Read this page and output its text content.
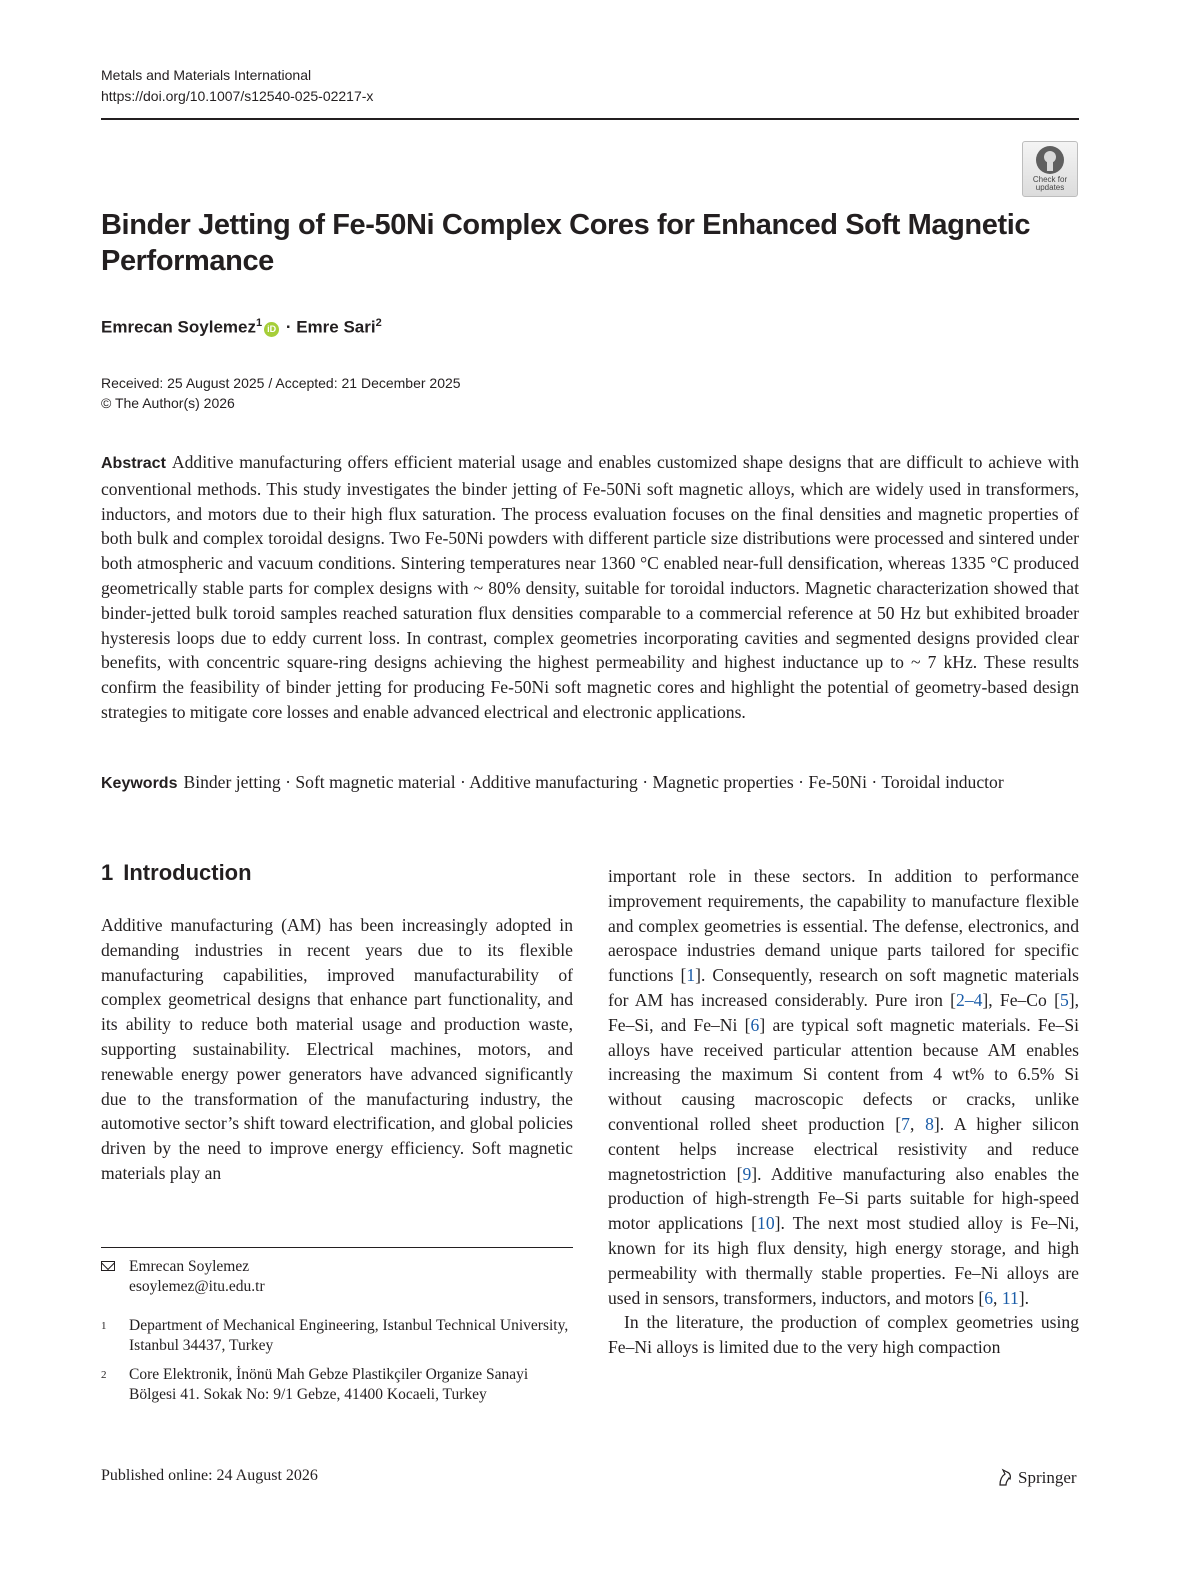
Metals and Materials International
https://doi.org/10.1007/s12540-025-02217-x
Check for
updates
Binder Jetting of Fe-50Ni Complex Cores for Enhanced Soft Magnetic Performance
Emrecan Soylemez$^1$ iD · Emre Sari$^2$
Received: 25 August 2025 / Accepted: 21 December 2025
© The Author(s) 2026

Abstract Additive manufacturing offers efficient material usage and enables customized shape designs that are difficult to achieve with conventional methods. This study investigates the binder jetting of Fe-50Ni soft magnetic alloys, which are widely used in transformers, inductors, and motors due to their high flux saturation. The process evaluation focuses on the final densities and magnetic properties of both bulk and complex toroidal designs. Two Fe-50Ni powders with different particle size distributions were processed and sintered under both atmospheric and vacuum conditions. Sintering temperatures near 1360 °C enabled near-full densification, whereas 1335 °C produced geometrically stable parts for complex designs with ~ 80% density, suitable for toroidal inductors. Magnetic characterization showed that binder-jetted bulk toroid samples reached saturation flux densities comparable to a commercial reference at 50 Hz but exhibited broader hysteresis loops due to eddy current loss. In contrast, complex geometries incorporating cavities and segmented designs provided clear benefits, with concentric square-ring designs achieving the highest permeability and highest inductance up to ~ 7 kHz. These results confirm the feasibility of binder jetting for producing Fe-50Ni soft magnetic cores and highlight the potential of geometry-based design strategies to mitigate core losses and enable advanced electrical and electronic applications.

Keywords Binder jetting · Soft magnetic material · Additive manufacturing · Magnetic properties · Fe-50Ni · Toroidal inductor

1 Introduction

Additive manufacturing (AM) has been increasingly adopted in demanding industries in recent years due to its flexible manufacturing capabilities, improved manufacturability of complex geometrical designs that enhance part functionality, and its ability to reduce both material usage and production waste, supporting sustainability. Electrical machines, motors, and renewable energy power generators have advanced significantly due to the transformation of the manufacturing industry, the automotive sector’s shift toward electrification, and global policies driven by the need to improve energy efficiency. Soft magnetic materials play an

important role in these sectors. In addition to performance improvement requirements, the capability to manufacture flexible and complex geometries is essential. The defense, electronics, and aerospace industries demand unique parts tailored for specific functions [1]. Consequently, research on soft magnetic materials for AM has increased considerably. Pure iron [2–4], Fe–Co [5], Fe–Si, and Fe–Ni [6] are typical soft magnetic materials. Fe–Si alloys have received particular attention because AM enables increasing the maximum Si content from 4 wt% to 6.5% Si without causing macroscopic defects or cracks, unlike conventional rolled sheet production [7, 8]. A higher silicon content helps increase electrical resistivity and reduce magnetostriction [9]. Additive manufacturing also enables the production of high-strength Fe–Si parts suitable for high-speed motor applications [10]. The next most studied alloy is Fe–Ni, known for its high flux density, high energy storage, and high permeability with thermally stable properties. Fe–Ni alloys are used in sensors, transformers, inductors, and motors [6, 11].

In the literature, the production of complex geometries using Fe–Ni alloys is limited due to the very high compaction

Emrecan Soylemez
esoylemez@itu.edu.tr
1 Department of Mechanical Engineering, Istanbul Technical University, Istanbul 34437, Turkey
2 Core Elektronik, İnönü Mah Gebze Plastikçiler Organize Sanayi Bölgesi 41. Sokak No: 9/1 Gebze, 41400 Kocaeli, Turkey
Published online: 24 August 2026	Springer
